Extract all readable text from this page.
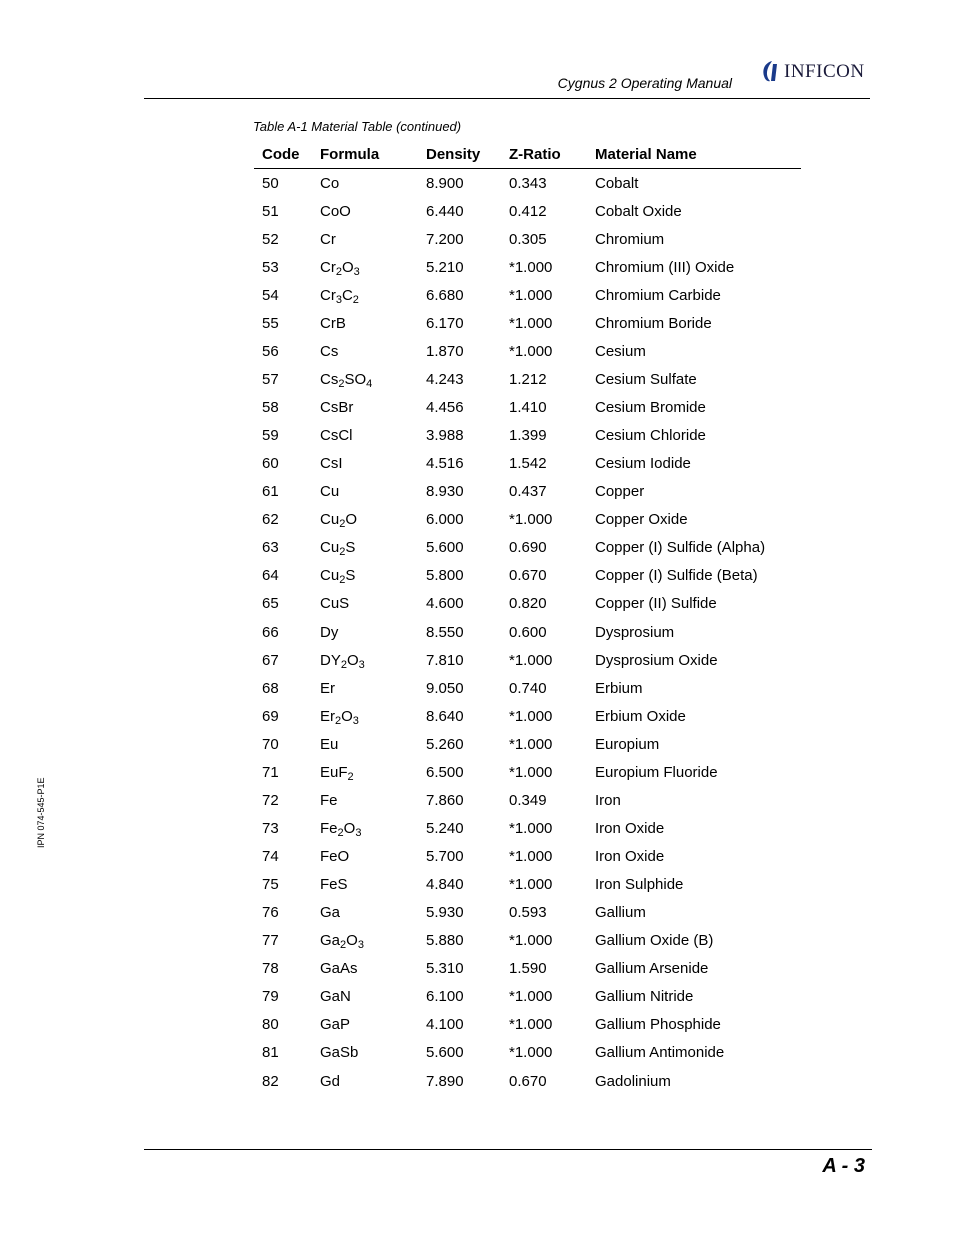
Cygnus 2 Operating Manual
INFICON
Table A-1 Material Table (continued)
Code	Formula	Density	Z-Ratio	Material Name
50	Co	8.900	0.343	Cobalt
51	CoO	6.440	0.412	Cobalt Oxide
52	Cr	7.200	0.305	Chromium
53	$Cr_2O_3$	5.210	*1.000	Chromium (III) Oxide
54	$Cr_3C_2$	6.680	*1.000	Chromium Carbide
55	CrB	6.170	*1.000	Chromium Boride
56	Cs	1.870	*1.000	Cesium
57	$Cs_2SO_4$	4.243	1.212	Cesium Sulfate
58	CsBr	4.456	1.410	Cesium Bromide
59	CsCl	3.988	1.399	Cesium Chloride
60	CsI	4.516	1.542	Cesium Iodide
61	Cu	8.930	0.437	Copper
62	$Cu_2O$	6.000	*1.000	Copper Oxide
63	$Cu_2S$	5.600	0.690	Copper (I) Sulfide (Alpha)
64	$Cu_2S$	5.800	0.670	Copper (I) Sulfide (Beta)
65	CuS	4.600	0.820	Copper (II) Sulfide
66	Dy	8.550	0.600	Dysprosium
67	$DY_2O_3$	7.810	*1.000	Dysprosium Oxide
68	Er	9.050	0.740	Erbium
69	$Er_2O_3$	8.640	*1.000	Erbium Oxide
70	Eu	5.260	*1.000	Europium
71	EuF$_2$	6.500	*1.000	Europium Fluoride
72	Fe	7.860	0.349	Iron
73	$Fe_2O_3$	5.240	*1.000	Iron Oxide
74	FeO	5.700	*1.000	Iron Oxide
75	FeS	4.840	*1.000	Iron Sulphide
76	Ga	5.930	0.593	Gallium
77	$Ga_2O_3$	5.880	*1.000	Gallium Oxide (B)
78	GaAs	5.310	1.590	Gallium Arsenide
79	GaN	6.100	*1.000	Gallium Nitride
80	GaP	4.100	*1.000	Gallium Phosphide
81	GaSb	5.600	*1.000	Gallium Antimonide
82	Gd	7.890	0.670	Gadolinium
IPN 074-545-P1E
A - 3
